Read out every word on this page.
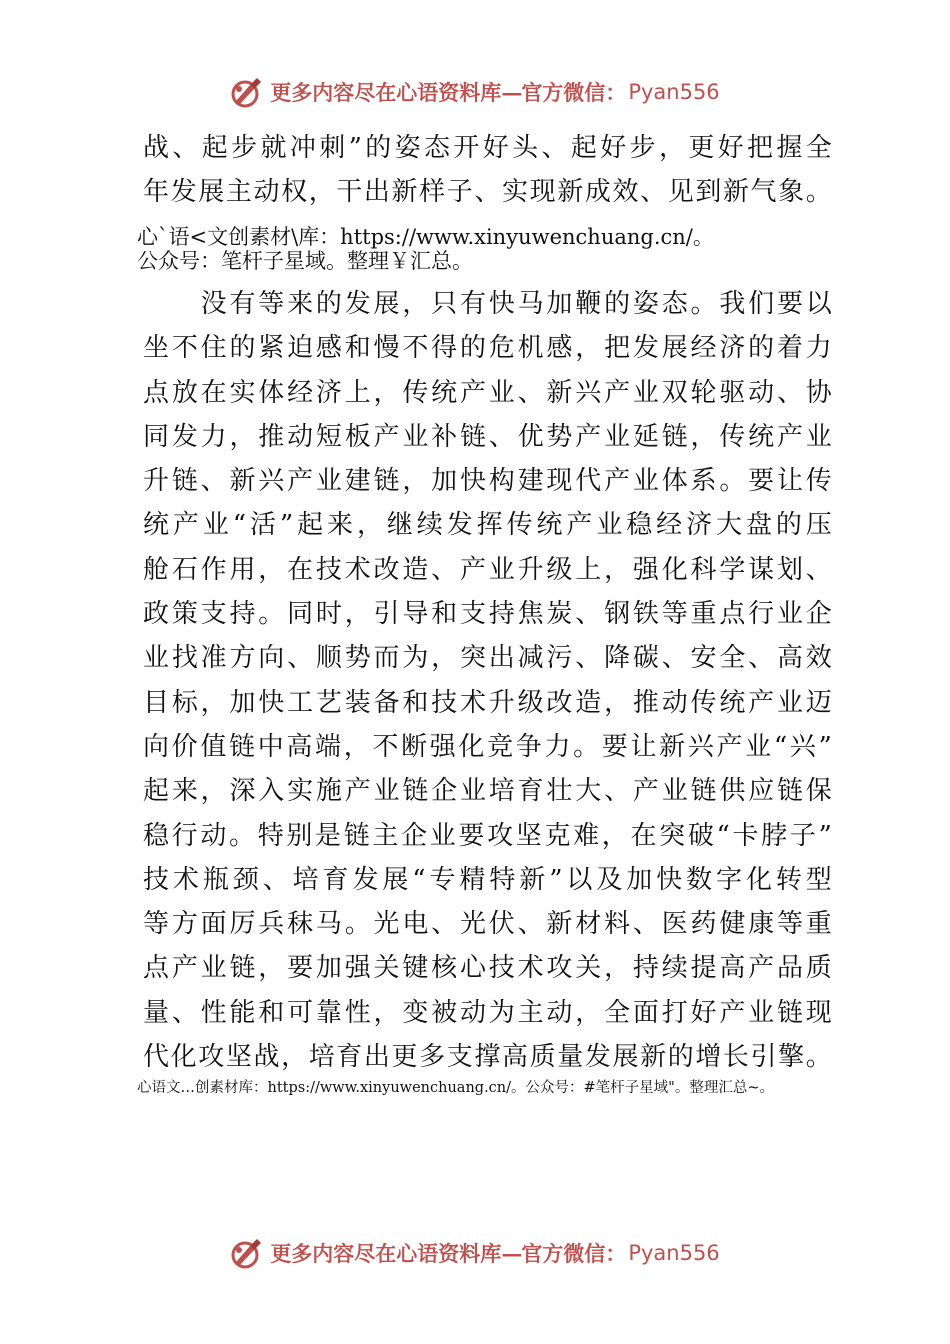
更多内容尽在心语资料库—官方微信： Pyan556
战、起步就冲刺”的姿态开好头、起好步，更好把握全
年发展主动权，干出新样子、实现新成效、见到新气象。
心`语<文创素材\库：https://www.xinyuwenchuang.cn/。
公众号：笔杆子星域。整理￥汇总。
　　没有等来的发展，只有快马加鞭的姿态。我们要以
坐不住的紧迫感和慢不得的危机感，把发展经济的着力
点放在实体经济上，传统产业、新兴产业双轮驱动、协
同发力，推动短板产业补链、优势产业延链，传统产业
升链、新兴产业建链，加快构建现代产业体系。要让传
统产业“活”起来，继续发挥传统产业稳经济大盘的压
舱石作用，在技术改造、产业升级上，强化科学谋划、
政策支持。同时，引导和支持焦炭、钢铁等重点行业企
业找准方向、顺势而为，突出减污、降碳、安全、高效
目标，加快工艺装备和技术升级改造，推动传统产业迈
向价值链中高端，不断强化竞争力。要让新兴产业“兴”
起来，深入实施产业链企业培育壮大、产业链供应链保
稳行动。特别是链主企业要攻坚克难，在突破“卡脖子”
技术瓶颈、培育发展“专精特新”以及加快数字化转型
等方面厉兵秣马。光电、光伏、新材料、医药健康等重
点产业链，要加强关键核心技术攻关，持续提高产品质
量、性能和可靠性，变被动为主动，全面打好产业链现
代化攻坚战，培育出更多支撑高质量发展新的增长引擎。
心语文…创素材库：https://www.xinyuwenchuang.cn/。公众号：#笔杆子星域"。整理汇总~。
更多内容尽在心语资料库—官方微信： Pyan556
